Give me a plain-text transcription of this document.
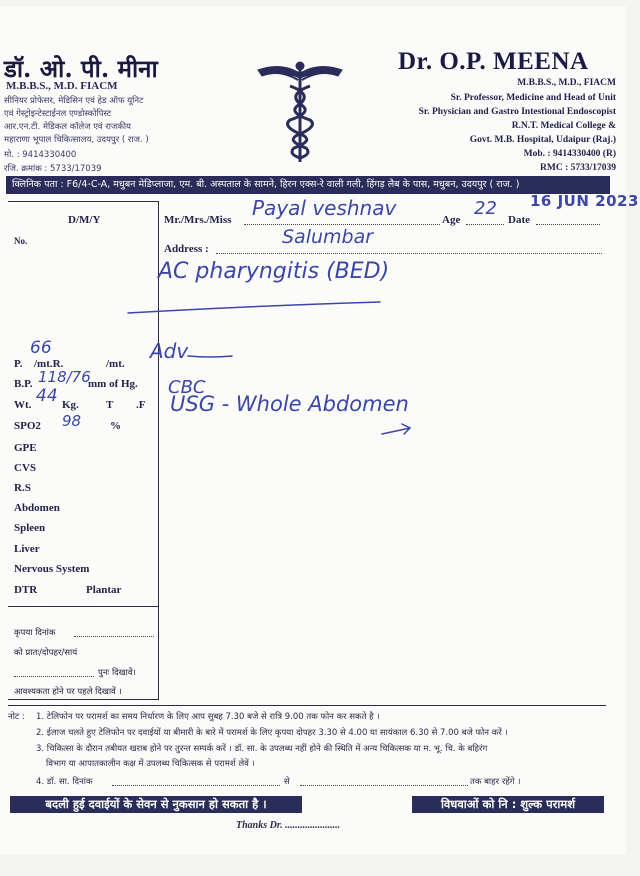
डॉ. ओ. पी. मीना
M.B.B.S., M.D. FIACM
सीनियर प्रोफेसर, मेडिसिन एवं हेड ऑफ यूनिट
एवं गेस्ट्रोइन्टेस्टाईनल एण्डोस्कोपिस्ट
आर.एन.टी. मेडिकल कॉलेज एवं राजकीय
महाराणा भूपाल चिकित्सालय, उदयपुर ( राज. )
मो. : 9414330400
रजि. क्रमांक : 5733/17039
Dr. O.P. MEENA
M.B.B.S., M.D., FIACM
Sr. Professor, Medicine and Head of Unit
Sr. Physician and Gastro Intestional Endoscopist
R.N.T. Medical College &
Govt. M.B. Hospital, Udaipur (Raj.)
Mob. : 9414330400 (R)
RMC : 5733/17039
क्लिनिक पता : F6/4-C-A, मधुबन मेडिप्लाजा, एम. बी. अस्पताल के सामने, हिरन एक्स-रे वाली गली, हिंगड़ लैब के पास, मधुबन, उदयपुर ( राज. )
D/M/Y
No.
P.
66
/mt.R.	/mt.
B.P. 118/76
mm of Hg.
Wt. 44 Kg. T .F
SPO2 98	%
GPE
CVS
R.S
Abdomen
Spleen
Liver
Nervous System
DTR	Plantar
कृपया दिनांक
को प्रातः/दोपहर/सायं
पुनः दिखावें।
आवश्यकता होने पर पहले दिखावें ।
Mr./Mrs./Miss Payal veshnav	Age
22
Date
16 JUN 2023
Address :
Salumbar
AC pharyngitis (BED)
Adv
CBC
USG - Whole Abdomen
नोट : 1. टेलिफोन पर परामर्श का समय निर्धारण के लिए आप सुबह 7.30 बजे से रात्रि 9.00 तक फोन कर सकते है ।
2. ईलाज चलते हुए टेलिफोन पर दवाईयों या बीमारी के बारे में परामर्श के लिए कृपया दोपहर 3.30 से 4.00 या सायंकाल 6.30 से 7.00 बजे फोन करें ।
3. चिकित्सा के दौरान तबीयत खराब होने पर तुरन्त सम्पर्क करें । डॉ. सा. के उपलब्ध नहीं होने की स्थिति में अन्य चिकित्सक या म. भू. चि. के बहिरंग
विभाग या आपातकालीन कक्ष में उपलब्ध चिकित्सक से परामर्श लेवें ।
4. डॉ. सा. दिनांक	से	तक बाहर रहेंगे ।
बदली हुई दवाईयों के सेवन से नुकसान हो सकता है ।	विधवाओं को नि : शुल्क परामर्श
Thanks Dr. ......................
